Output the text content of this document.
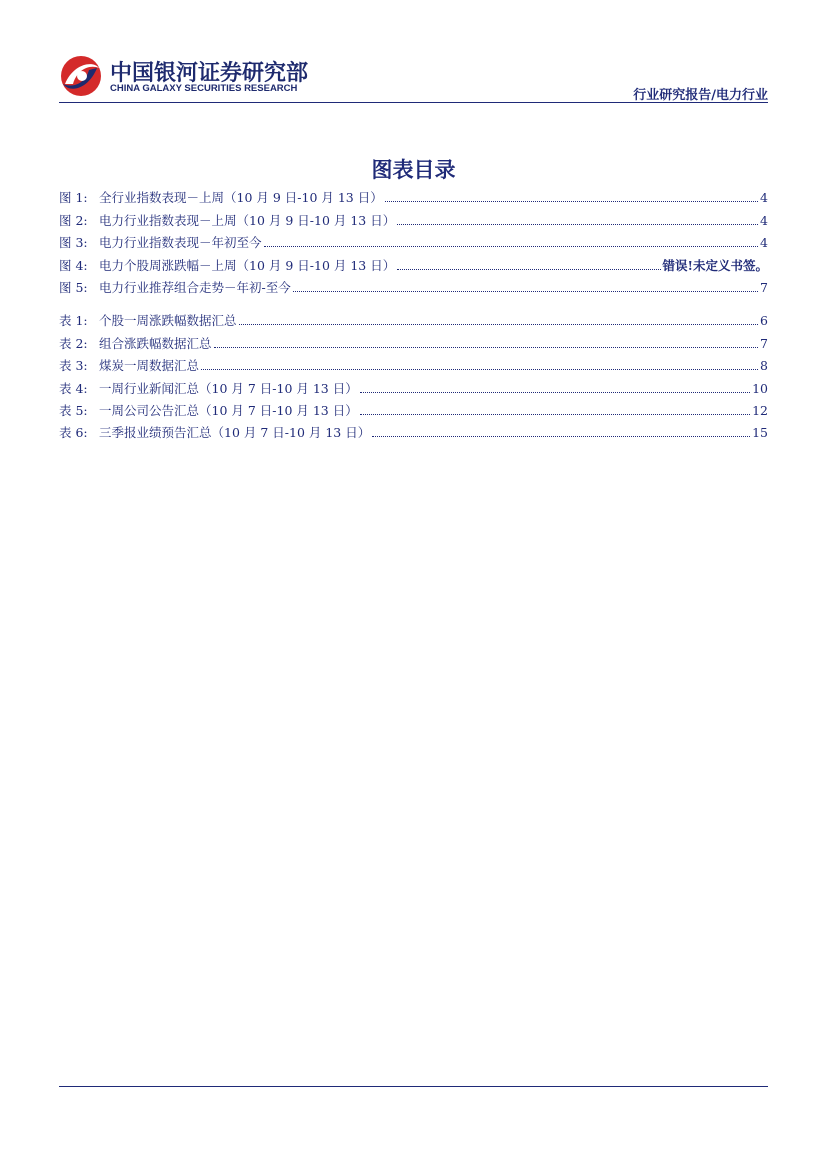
中国银河证券研究部
CHINA GALAXY SECURITIES RESEARCH	行业研究报告/电力行业
图表目录
图 1: 全行业指数表现－上周（10 月 9 日-10 月 13 日）	4
图 2: 电力行业指数表现－上周（10 月 9 日-10 月 13 日）	4
图 3: 电力行业指数表现－年初至今	4
图 4: 电力个股周涨跌幅－上周（10 月 9 日-10 月 13 日）	错误!未定义书签。
图 5: 电力行业推荐组合走势－年初-至今	7
表 1: 个股一周涨跌幅数据汇总	6
表 2: 组合涨跌幅数据汇总	7
表 3: 煤炭一周数据汇总	8
表 4: 一周行业新闻汇总（10 月 7 日-10 月 13 日）	10
表 5: 一周公司公告汇总（10 月 7 日-10 月 13 日）	12
表 6: 三季报业绩预告汇总（10 月 7 日-10 月 13 日）	15
